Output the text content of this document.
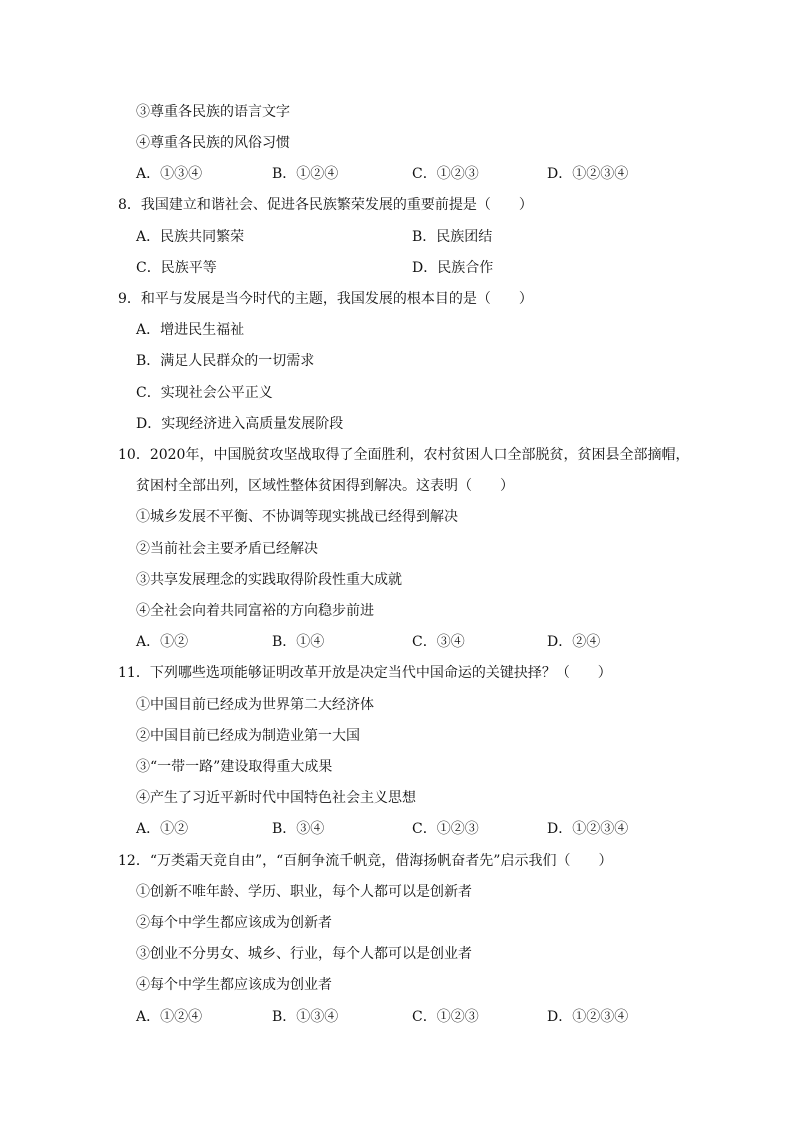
③尊重各民族的语言文字
④尊重各民族的风俗习惯
A．①③④	B．①②④	C．①②③	D．①②③④
8．我国建立和谐社会、促进各民族繁荣发展的重要前提是（　　）
A．民族共同繁荣	B．民族团结
C．民族平等	D．民族合作
9．和平与发展是当今时代的主题，我国发展的根本目的是（　　）
A．增进民生福祉
B．满足人民群众的一切需求
C．实现社会公平正义
D．实现经济进入高质量发展阶段
10．2020年，中国脱贫攻坚战取得了全面胜利，农村贫困人口全部脱贫，贫困县全部摘帽，
贫困村全部出列，区域性整体贫困得到解决。这表明（　　）
①城乡发展不平衡、不协调等现实挑战已经得到解决
②当前社会主要矛盾已经解决
③共享发展理念的实践取得阶段性重大成就
④全社会向着共同富裕的方向稳步前进
A．①②	B．①④	C．③④	D．②④
11．下列哪些选项能够证明改革开放是决定当代中国命运的关键抉择？（　　）
①中国目前已经成为世界第二大经济体
②中国目前已经成为制造业第一大国
③“一带一路”建设取得重大成果
④产生了习近平新时代中国特色社会主义思想
A．①②	B．③④	C．①②③	D．①②③④
12．“万类霜天竞自由”，“百舸争流千帆竞，借海扬帆奋者先”启示我们（　　）
①创新不唯年龄、学历、职业，每个人都可以是创新者
②每个中学生都应该成为创新者
③创业不分男女、城乡、行业，每个人都可以是创业者
④每个中学生都应该成为创业者
A．①②④	B．①③④	C．①②③	D．①②③④
